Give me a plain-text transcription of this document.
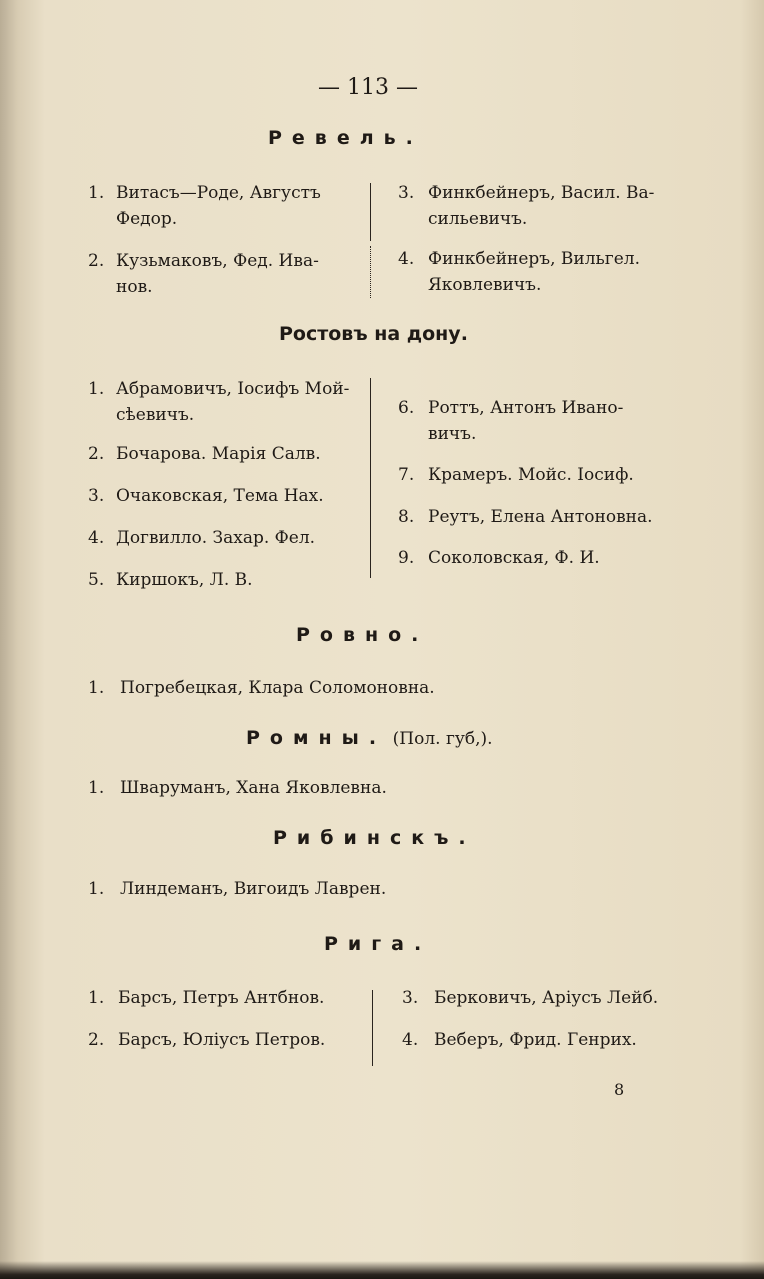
— 113 —
Ревель.
1. Витасъ—Роде, Августъ
Федор.
2. Кузьмаковъ, Фед. Ива-
нов.
3. Финкбейнеръ, Васил. Ва-
сильевичъ.
4. Финкбейнеръ, Вильгел.
Яковлевичъ.
Ростовъ на дону.
1. Абрамовичъ, Іосифъ Мой-
сѣевичъ.
2. Бочарова. Марія Салв.
3. Очаковская, Тема Нах.
4. Догвилло. Захар. Фел.
5. Киршокъ, Л. В.
6. Роттъ, Антонъ Ивано-
вичъ.
7. Крамеръ. Мойс. Іосиф.
8. Реутъ, Елена Антоновна.
9. Соколовская, Ф. И.
Ровно.
1. Погребецкая, Клара Соломоновна.
Ромны. (Пол. губ,).
1. Шваруманъ, Хана Яковлевна.
Рибинскъ.
1. Линдеманъ, Вигоидъ Лаврен.
Рига.
1. Барсъ, Петръ Антбнов.
2. Барсъ, Юліусъ Петров.
3. Берковичъ, Аріусъ Лейб.
4. Веберъ, Фрид. Генрих.
8
